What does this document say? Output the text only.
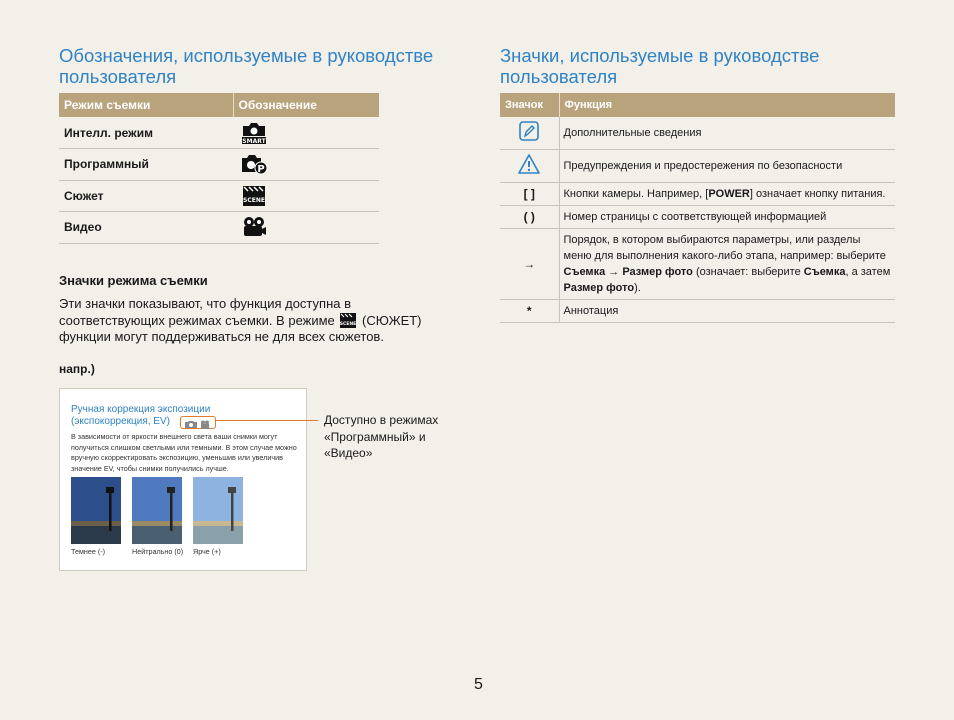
Обозначения, используемые в руководстве
пользователя
Режим съемки	Обозначение
Интелл. режим	SMART

Программный	P

Сюжет	SCENE

Видео	
Значки режима съемки
Эти значки показывают, что функция доступна в соответствующих режимах съемки. В режиме SCENE (СЮЖЕТ) функции могут поддерживаться не для всех сюжетов.
напр.)
Ручная коррекция экспозиции (экспокоррекция, EV)
В зависимости от яркости внешнего света ваши снимки могут получиться слишком светлыми или темными. В этом случае можно вручную скорректировать экспозицию, уменьшив или увеличив значение EV, чтобы снимки получились лучше.
Темнее (-)	Нейтрально (0) Ярче (+)
Доступно в режимах «Программный» и «Видео»
Значки, используемые в руководстве
пользователя
Значок	Функция
	Дополнительные сведения
	Предупреждения и предостережения по безопасности
[ ]	Кнопки камеры. Например, [POWER] означает кнопку питания.
( )	Номер страницы с соответствующей информацией
→	Порядок, в котором выбираются параметры, или разделы меню для выполнения какого-либо этапа, например: выберите Съемка → Размер фото (означает: выберите Съемка, а затем Размер фото).
*	Аннотация
5
